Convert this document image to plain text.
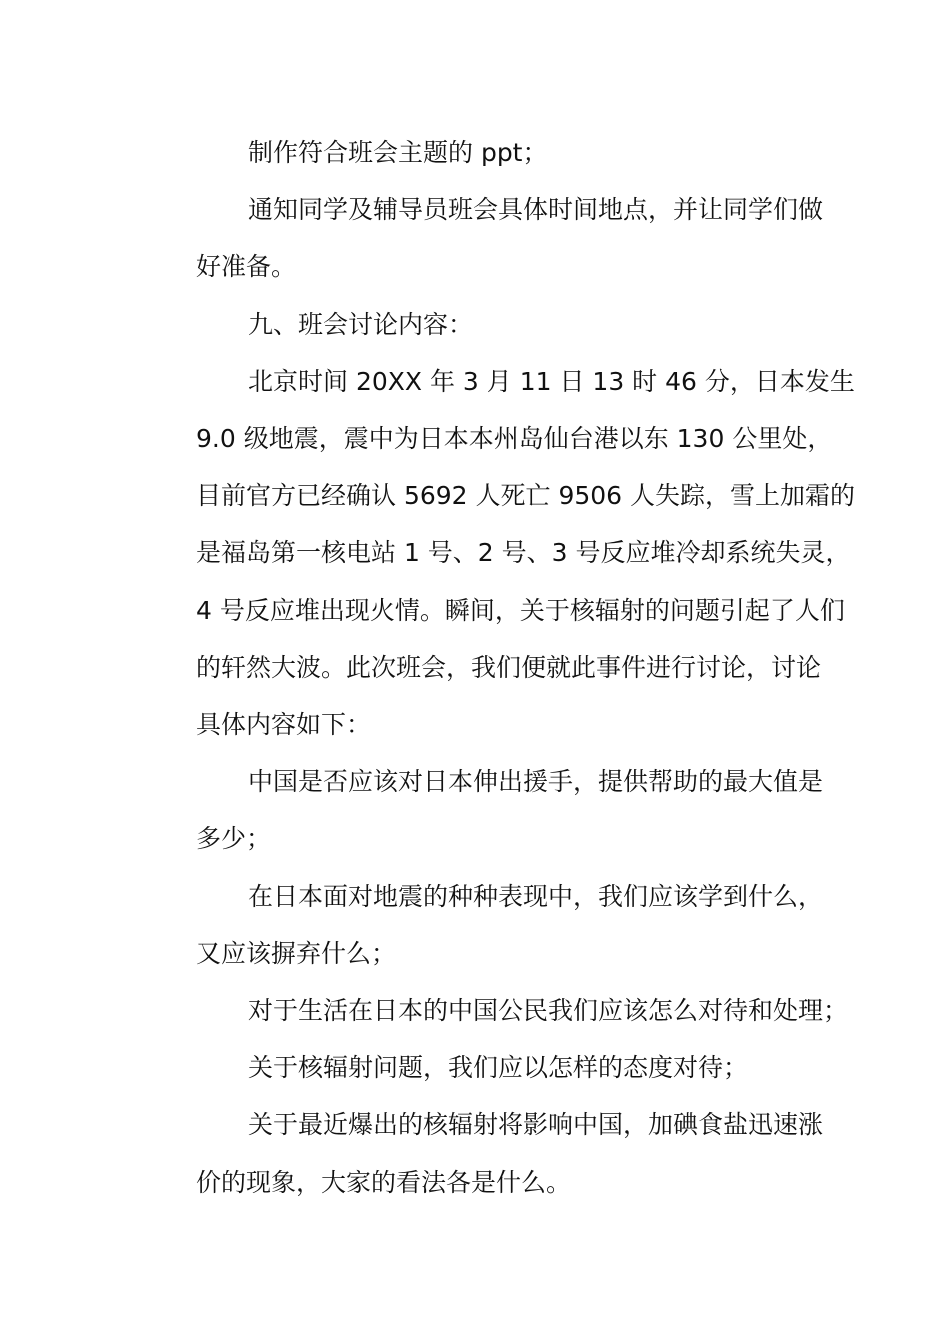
制作符合班会主题的 ppt；
通知同学及辅导员班会具体时间地点，并让同学们做
好准备。
九、班会讨论内容：
北京时间 20XX 年 3 月 11 日 13 时 46 分，日本发生
9.0 级地震，震中为日本本州岛仙台港以东 130 公里处，
目前官方已经确认 5692 人死亡 9506 人失踪，雪上加霜的
是福岛第一核电站 1 号、2 号、3 号反应堆冷却系统失灵，
4 号反应堆出现火情。瞬间，关于核辐射的问题引起了人们
的轩然大波。此次班会，我们便就此事件进行讨论，讨论
具体内容如下：
中国是否应该对日本伸出援手，提供帮助的最大值是
多少；
在日本面对地震的种种表现中，我们应该学到什么，
又应该摒弃什么；
对于生活在日本的中国公民我们应该怎么对待和处理；
关于核辐射问题，我们应以怎样的态度对待；
关于最近爆出的核辐射将影响中国，加碘食盐迅速涨
价的现象，大家的看法各是什么。
